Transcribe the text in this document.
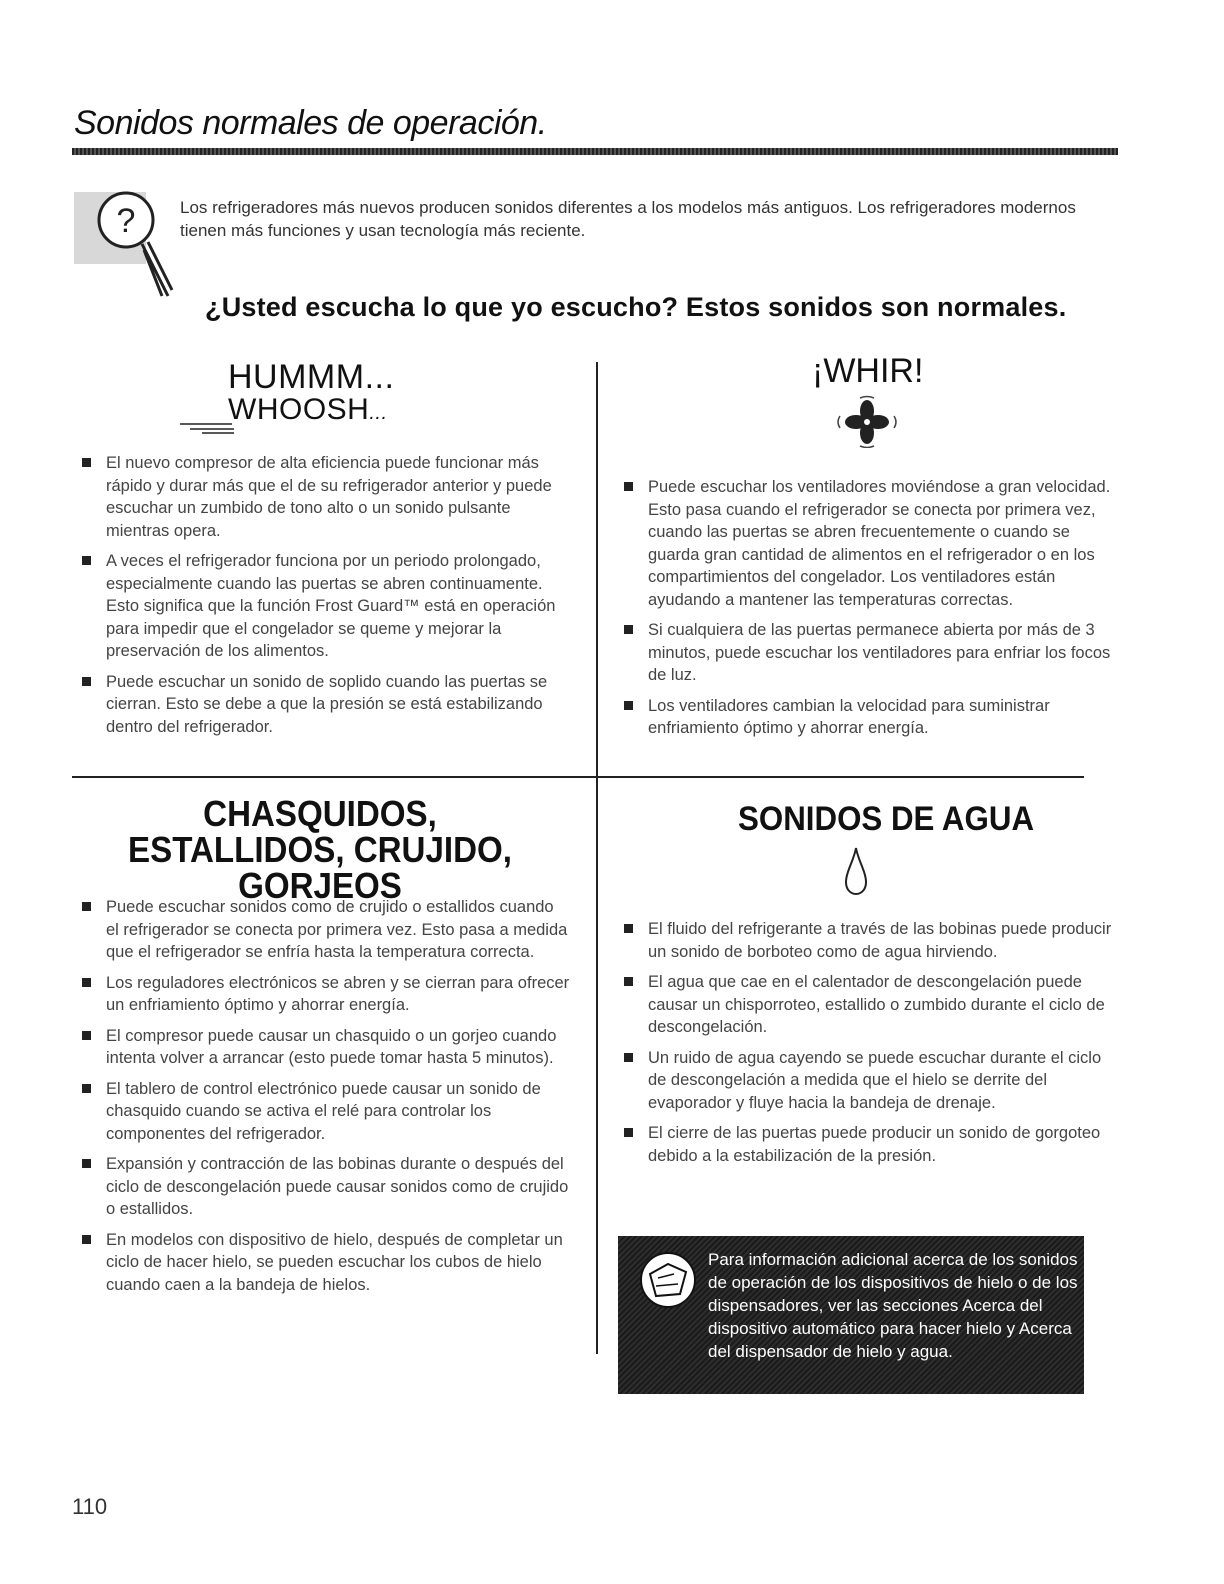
Sonidos normales de operación.
?	Los refrigeradores más nuevos producen sonidos diferentes a los modelos más antiguos. Los refrigeradores modernos tienen más funciones y usan tecnología más reciente.

¿Usted escucha lo que yo escucho? Estos sonidos son normales.
HUMMM...
WHOOSH...
El nuevo compresor de alta eficiencia puede funcionar más rápido y durar más que el de su refrigerador anterior y puede escuchar un zumbido de tono alto o un sonido pulsante mientras opera.
A veces el refrigerador funciona por un periodo prolongado, especialmente cuando las puertas se abren continuamente. Esto significa que la función Frost Guard™ está en operación para impedir que el congelador se queme y mejorar la preservación de los alimentos.
Puede escuchar un sonido de soplido cuando las puertas se cierran. Esto se debe a que la presión se está estabilizando dentro del refrigerador.
¡WHIR!
Puede escuchar los ventiladores moviéndose a gran velocidad. Esto pasa cuando el refrigerador se conecta por primera vez, cuando las puertas se abren frecuentemente o cuando se guarda gran cantidad de alimentos en el refrigerador o en los compartimientos del congelador. Los ventiladores están ayudando a mantener las temperaturas correctas.
Si cualquiera de las puertas permanece abierta por más de 3 minutos, puede escuchar los ventiladores para enfriar los focos de luz.
Los ventiladores cambian la velocidad para suministrar enfriamiento óptimo y ahorrar energía.
CHASQUIDOS, ESTALLIDOS, CRUJIDO, GORJEOS
Puede escuchar sonidos como de crujido o estallidos cuando el refrigerador se conecta por primera vez. Esto pasa a medida que el refrigerador se enfría hasta la temperatura correcta.
Los reguladores electrónicos se abren y se cierran para ofrecer un enfriamiento óptimo y ahorrar energía.
El compresor puede causar un chasquido o un gorjeo cuando intenta volver a arrancar (esto puede tomar hasta 5 minutos).
El tablero de control electrónico puede causar un sonido de chasquido cuando se activa el relé para controlar los componentes del refrigerador.
Expansión y contracción de las bobinas durante o después del ciclo de descongelación puede causar sonidos como de crujido o estallidos.
En modelos con dispositivo de hielo, después de completar un ciclo de hacer hielo, se pueden escuchar los cubos de hielo cuando caen a la bandeja de hielos.
SONIDOS DE AGUA
El fluido del refrigerante a través de las bobinas puede producir un sonido de borboteo como de agua hirviendo.
El agua que cae en el calentador de descongelación puede causar un chisporroteo, estallido o zumbido durante el ciclo de descongelación.
Un ruido de agua cayendo se puede escuchar durante el ciclo de descongelación a medida que el hielo se derrite del evaporador y fluye hacia la bandeja de drenaje.
El cierre de las puertas puede producir un sonido de gorgoteo debido a la estabilización de la presión.

Para información adicional acerca de los sonidos de operación de los dispositivos de hielo o de los dispensadores, ver las secciones Acerca del dispositivo automático para hacer hielo y Acerca del dispensador de hielo y agua.

110
